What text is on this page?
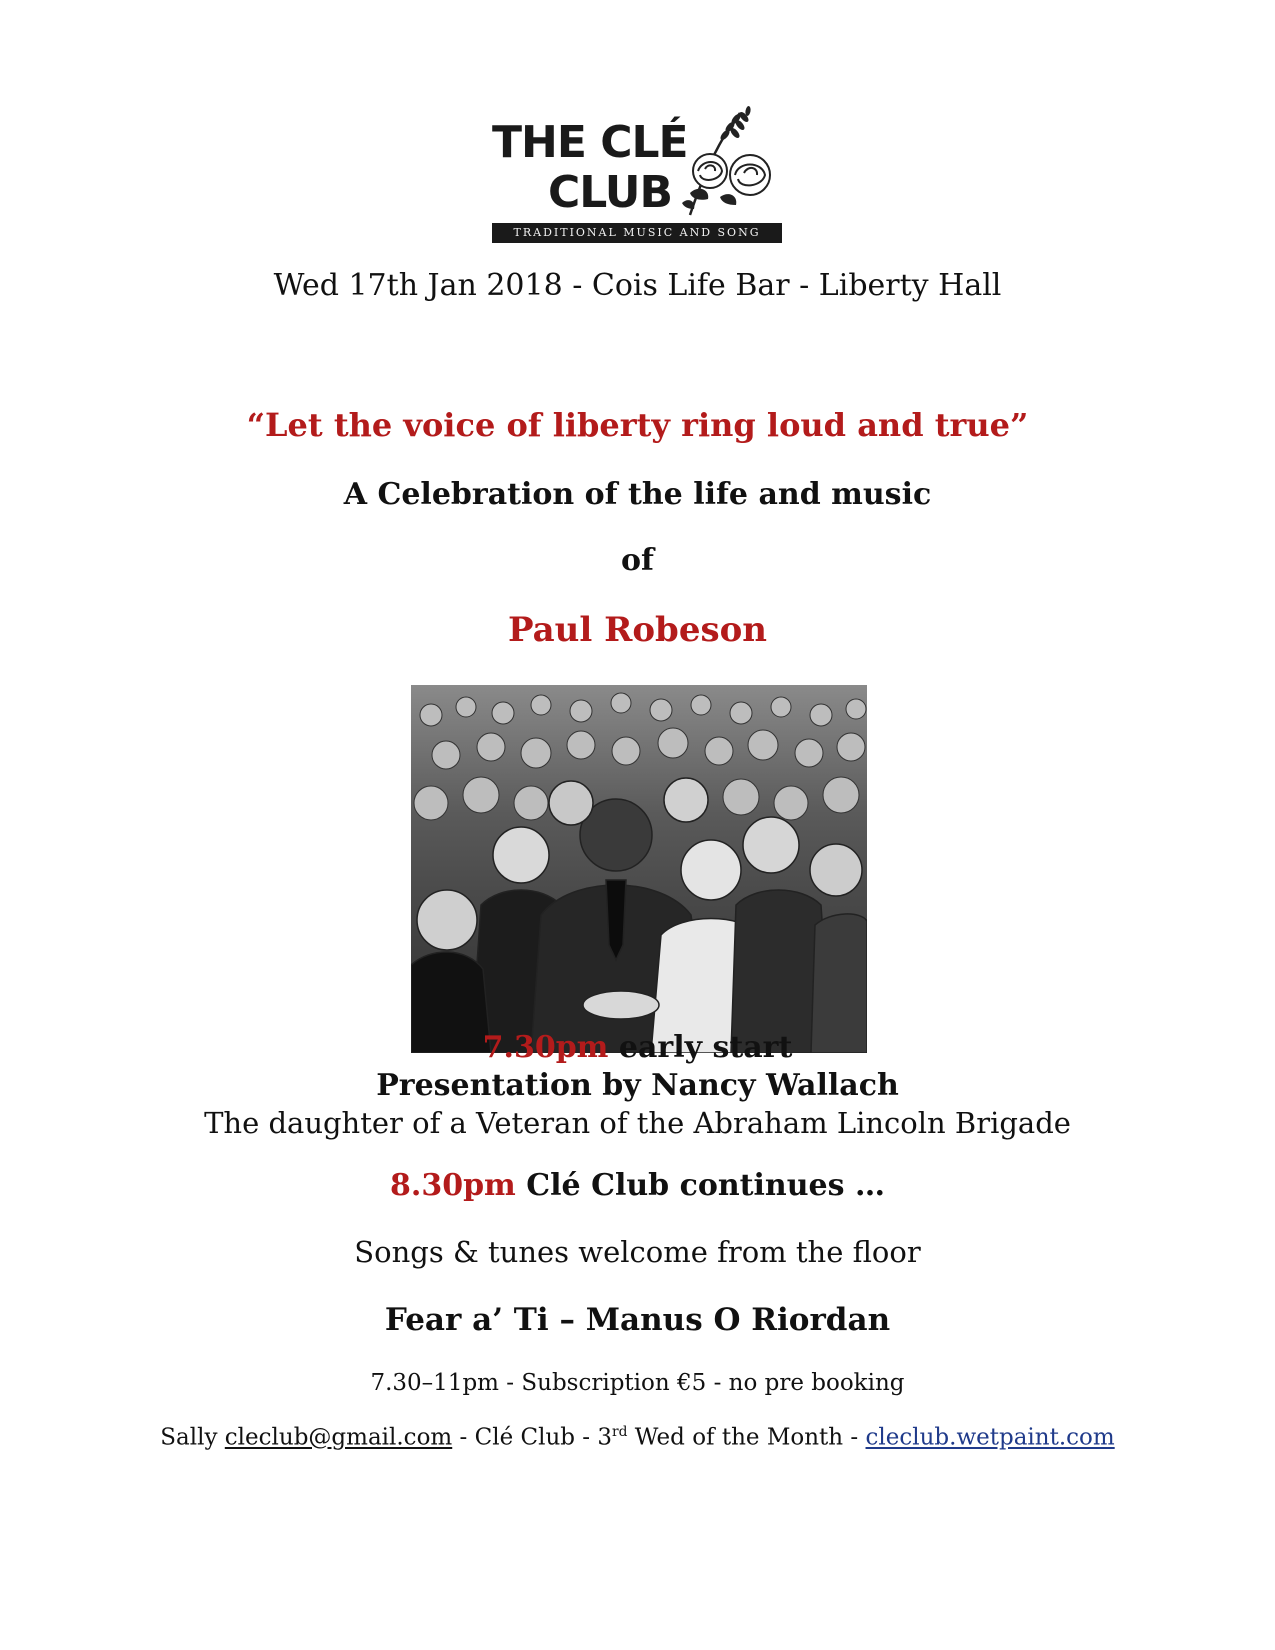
THE CLÉ
CLUB
TRADITIONAL MUSIC AND SONG
Wed 17th Jan 2018 - Cois Life Bar - Liberty Hall
“Let the voice of liberty ring loud and true”
A Celebration of the life and music
of
Paul Robeson
7.30pm early start
Presentation by Nancy Wallach
The daughter of a Veteran of the Abraham Lincoln Brigade
8.30pm Clé Club continues …
Songs & tunes welcome from the floor
Fear a’ Ti – Manus O Riordan
7.30–11pm - Subscription €5 - no pre booking
Sally cleclub@gmail.com - Clé Club - 3rd Wed of the Month - cleclub.wetpaint.com
